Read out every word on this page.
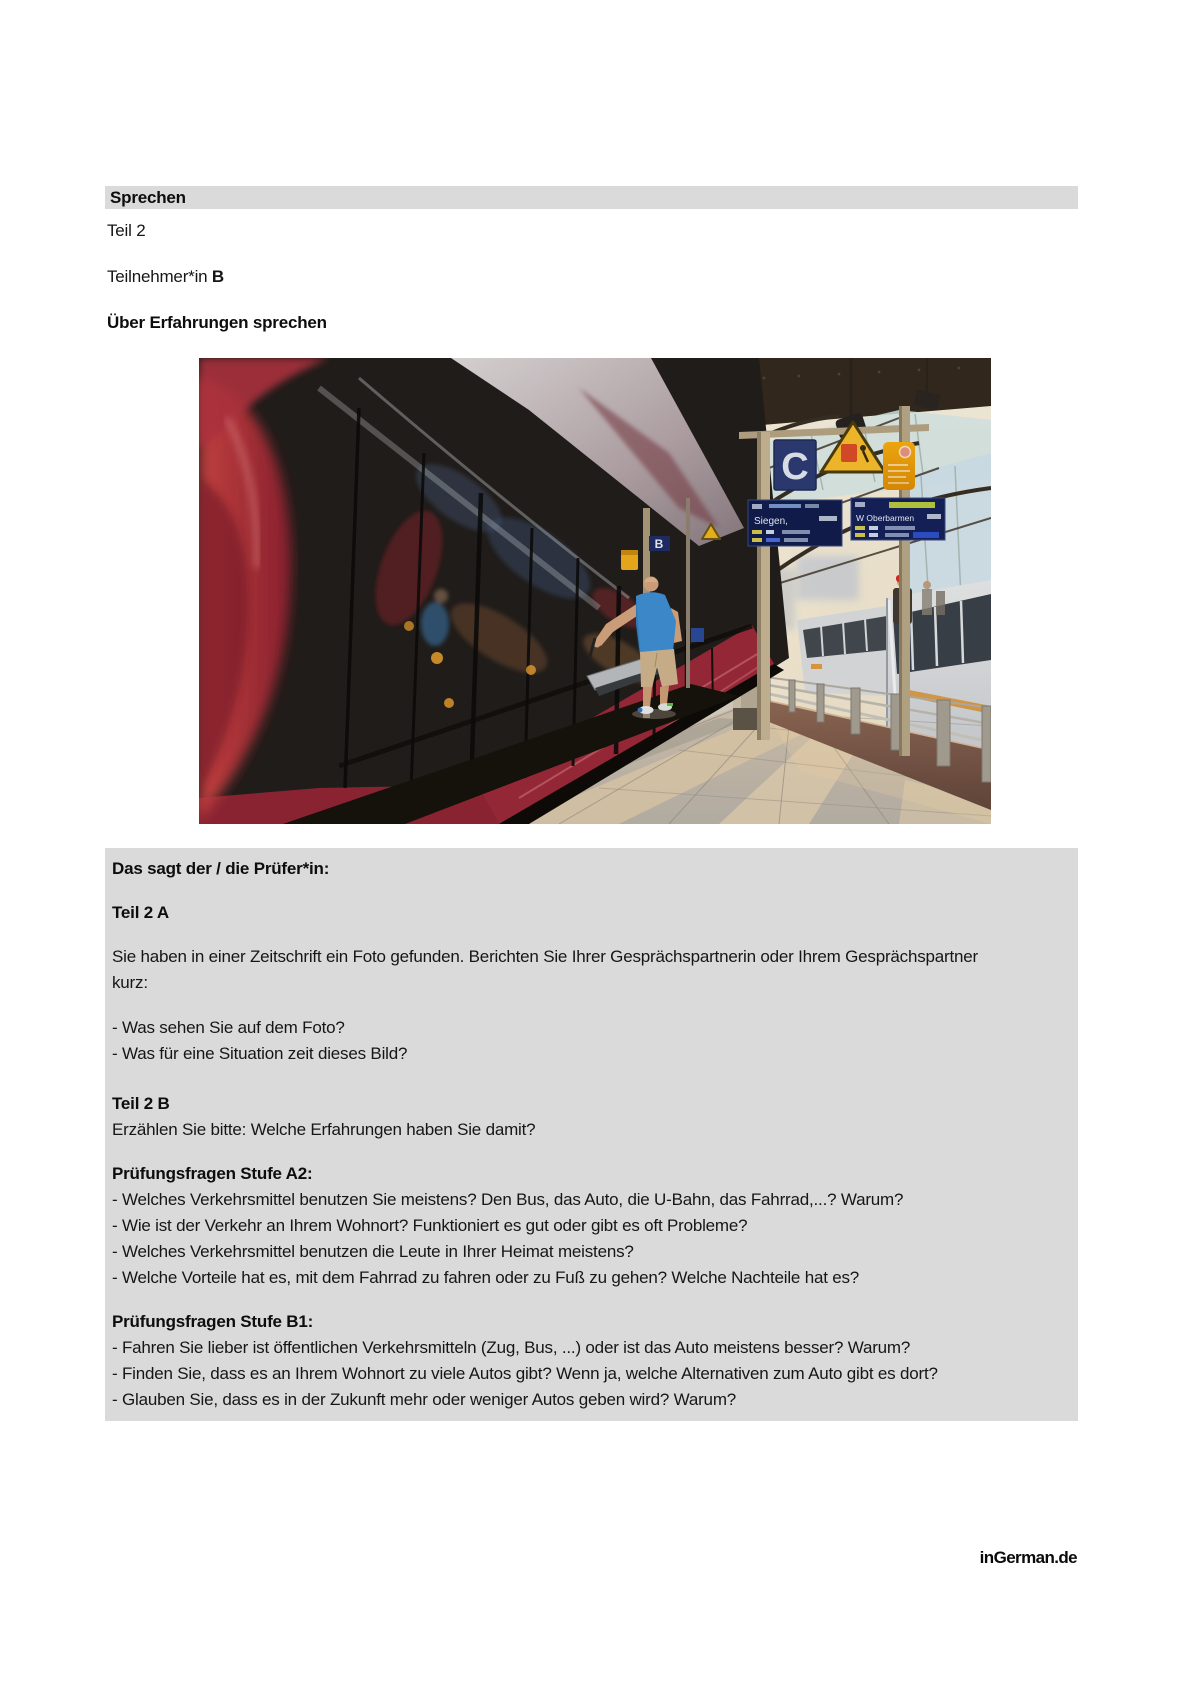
Sprechen
Teil 2
Teilnehmer*in B
Über Erfahrungen sprechen
C
Siegen,	W Oberbarmen
B
Das sagt der / die Prüfer*in:
Teil 2 A
Sie haben in einer Zeitschrift ein Foto gefunden. Berichten Sie Ihrer Gesprächspartnerin oder Ihrem Gesprächspartner
kurz:
- Was sehen Sie auf dem Foto?
- Was für eine Situation zeit dieses Bild?
Teil 2 B
Erzählen Sie bitte: Welche Erfahrungen haben Sie damit?
Prüfungsfragen Stufe A2:
- Welches Verkehrsmittel benutzen Sie meistens? Den Bus, das Auto, die U-Bahn, das Fahrrad,...? Warum?
- Wie ist der Verkehr an Ihrem Wohnort? Funktioniert es gut oder gibt es oft Probleme?
- Welches Verkehrsmittel benutzen die Leute in Ihrer Heimat meistens?
- Welche Vorteile hat es, mit dem Fahrrad zu fahren oder zu Fuß zu gehen? Welche Nachteile hat es?
Prüfungsfragen Stufe B1:
- Fahren Sie lieber ist öffentlichen Verkehrsmitteln (Zug, Bus, ...) oder ist das Auto meistens besser? Warum?
- Finden Sie, dass es an Ihrem Wohnort zu viele Autos gibt? Wenn ja, welche Alternativen zum Auto gibt es dort?
- Glauben Sie, dass es in der Zukunft mehr oder weniger Autos geben wird? Warum?
inGerman.de
